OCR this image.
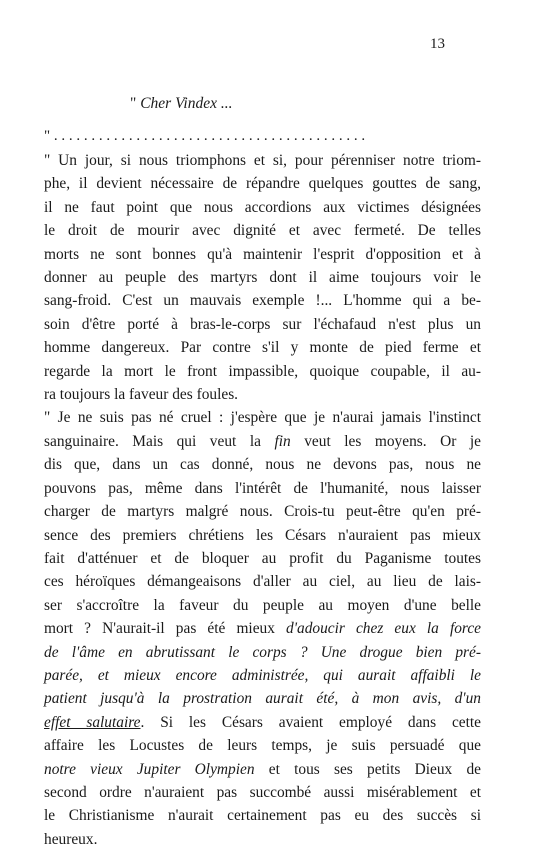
13
" Cher Vindex ...
" . . . . . . . . . . . . . . . . . . . . . . . . . . . . . . . . . . . . . . . . . .
" Un jour, si nous triomphons et si, pour pérenniser notre triom-
phe, il devient nécessaire de répandre quelques gouttes de sang,
il ne faut point que nous accordions aux victimes désignées
le droit de mourir avec dignité et avec fermeté. De telles
morts ne sont bonnes qu'à maintenir l'esprit d'opposition et à
donner au peuple des martyrs dont il aime toujours voir le
sang-froid. C'est un mauvais exemple !... L'homme qui a be-
soin d'être porté à bras-le-corps sur l'échafaud n'est plus un
homme dangereux. Par contre s'il y monte de pied ferme et
regarde la mort le front impassible, quoique coupable, il au-
ra toujours la faveur des foules.
" Je ne suis pas né cruel : j'espère que je n'aurai jamais l'instinct
sanguinaire. Mais qui veut la fin veut les moyens. Or je
dis que, dans un cas donné, nous ne devons pas, nous ne
pouvons pas, même dans l'intérêt de l'humanité, nous laisser
charger de martyrs malgré nous. Crois-tu peut-être qu'en pré-
sence des premiers chrétiens les Césars n'auraient pas mieux
fait d'atténuer et de bloquer au profit du Paganisme toutes
ces héroïques démangeaisons d'aller au ciel, au lieu de lais-
ser s'accroître la faveur du peuple au moyen d'une belle
mort ? N'aurait-il pas été mieux d'adoucir chez eux la force
de l'âme en abrutissant le corps ? Une drogue bien pré-
parée, et mieux encore administrée, qui aurait affaibli le
patient jusqu'à la prostration aurait été, à mon avis, d'un
effet salutaire. Si les Césars avaient employé dans cette
affaire les Locustes de leurs temps, je suis persuadé que
notre vieux Jupiter Olympien et tous ses petits Dieux de
second ordre n'auraient pas succombé aussi misérablement et
le Christianisme n'aurait certainement pas eu des succès si
heureux.
